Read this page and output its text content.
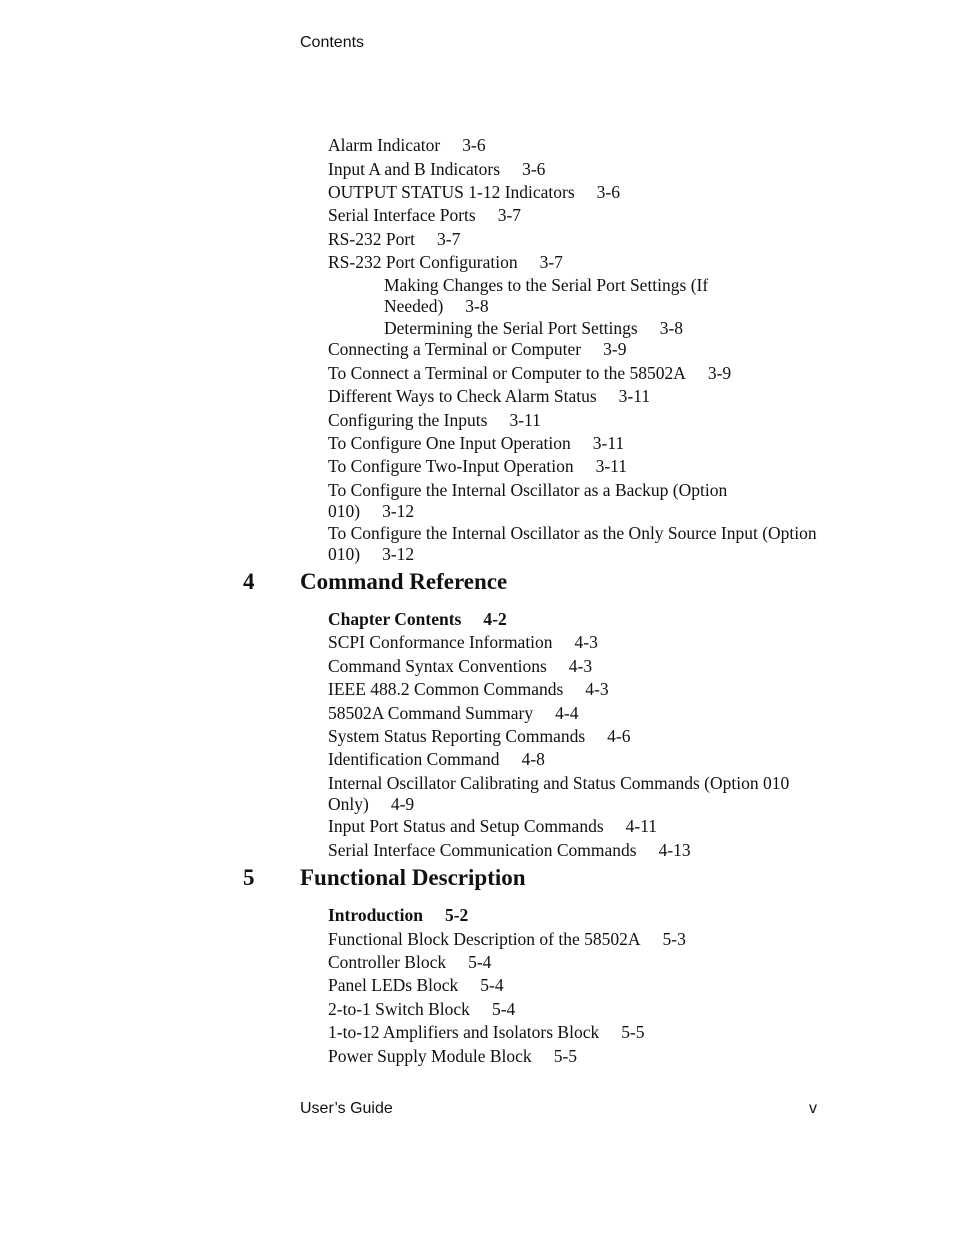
Contents
Alarm Indicator 3-6
Input A and B Indicators 3-6
OUTPUT STATUS 1-12 Indicators 3-6
Serial Interface Ports 3-7
RS-232 Port 3-7
RS-232 Port Configuration 3-7
Making Changes to the Serial Port Settings (If Needed) 3-8
Determining the Serial Port Settings 3-8
Connecting a Terminal or Computer 3-9
To Connect a Terminal or Computer to the 58502A 3-9
Different Ways to Check Alarm Status 3-11
Configuring the Inputs 3-11
To Configure One Input Operation 3-11
To Configure Two-Input Operation 3-11
To Configure the Internal Oscillator as a Backup (Option 010) 3-12
To Configure the Internal Oscillator as the Only Source Input (Option 010) 3-12
4 Command Reference
Chapter Contents 4-2
SCPI Conformance Information 4-3
Command Syntax Conventions 4-3
IEEE 488.2 Common Commands 4-3
58502A Command Summary 4-4
System Status Reporting Commands 4-6
Identification Command 4-8
Internal Oscillator Calibrating and Status Commands (Option 010 Only) 4-9
Input Port Status and Setup Commands 4-11
Serial Interface Communication Commands 4-13
5 Functional Description
Introduction 5-2
Functional Block Description of the 58502A 5-3
Controller Block 5-4
Panel LEDs Block 5-4
2-to-1 Switch Block 5-4
1-to-12 Amplifiers and Isolators Block 5-5
Power Supply Module Block 5-5
User’s Guide	v
